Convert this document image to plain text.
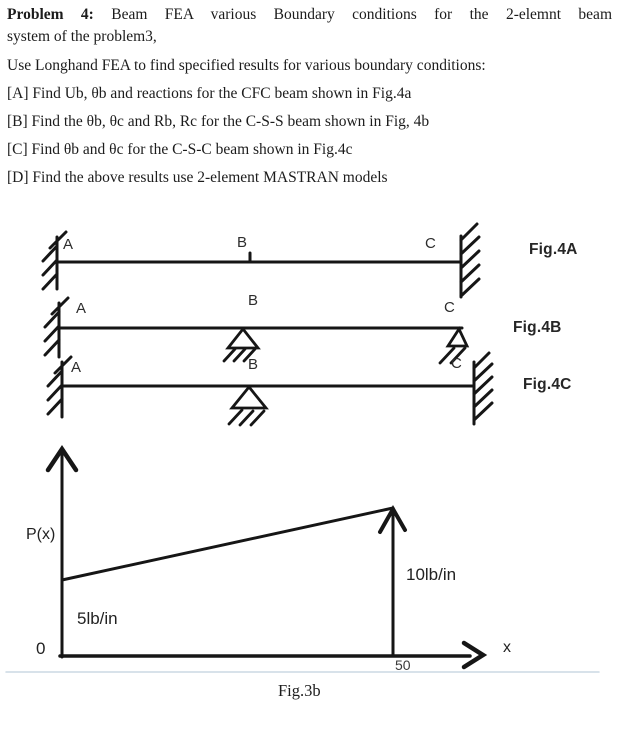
Problem 4: Beam FEA various Boundary conditions for the 2-elemnt beam
system of the problem3,
Use Longhand FEA to find specified results for various boundary conditions:
[A] Find Ub, θb and reactions for the CFC beam shown in Fig.4a
[B] Find the θb, θc and Rb, Rc for the C-S-S beam shown in Fig, 4b
[C] Find θb and θc for the C-S-C beam shown in Fig.4c
[D] Find the above results use 2-element MASTRAN models
A	B	C	Fig.4A
A	B	C
Fig.4B
A	B	C
Fig.4C
P(x)
5lb/in
10lb/in
0
50
x
Fig.3b
